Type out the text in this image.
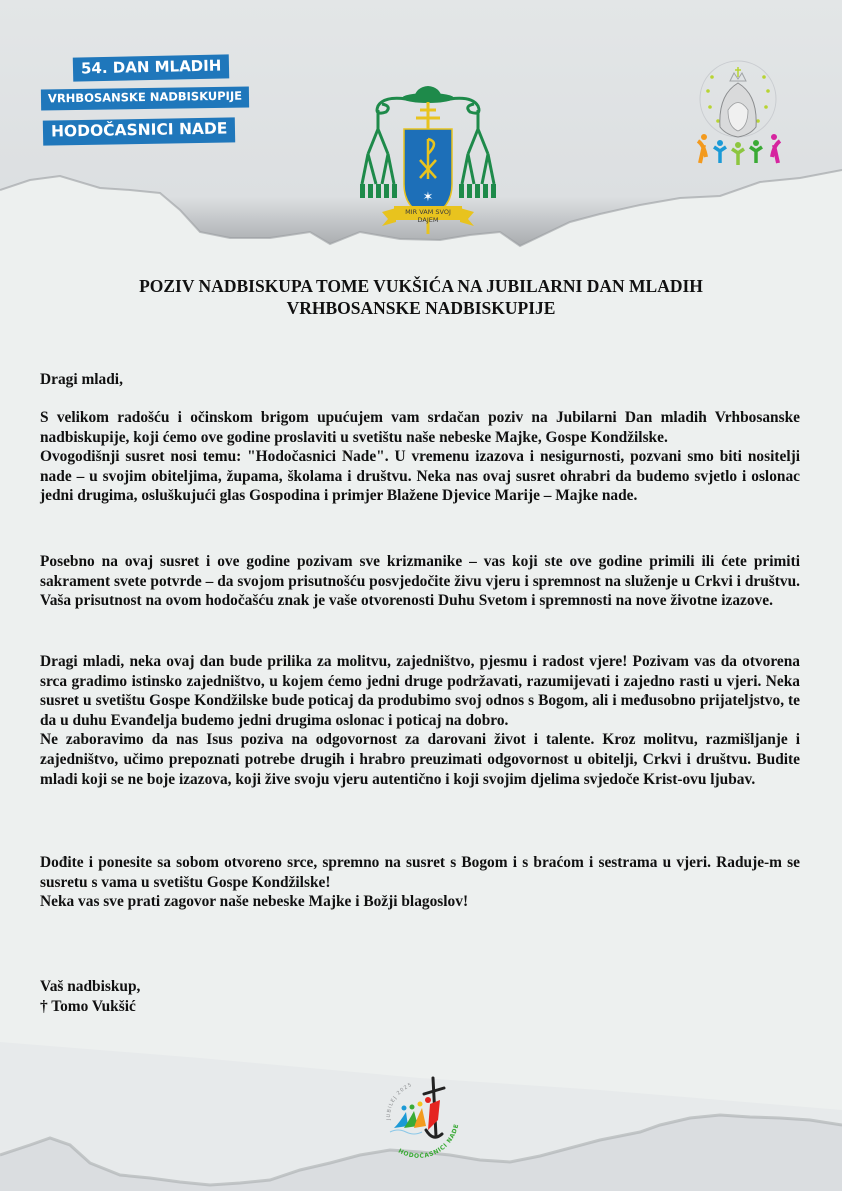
54. DAN MLADIH
VRHBOSANSKE NADBISKUPIJE
HODOČASNICI NADE
✶
MIR VAM SVOJ DAJEM
POZIV NADBISKUPA TOME VUKŠIĆA NA JUBILARNI DAN MLADIH
VRHBOSANSKE NADBISKUPIJE
Dragi mladi,

S velikom radošću i očinskom brigom upućujem vam srdačan poziv na Jubilarni Dan mladih Vrhbosanske nadbiskupije, koji ćemo ove godine proslaviti u svetištu naše nebeske Majke, Gospe Kondžilske.

Ovogodišnji susret nosi temu: "Hodočasnici Nade". U vremenu izazova i nesigurnosti, pozvani smo biti nositelji nade – u svojim obiteljima, župama, školama i društvu. Neka nas ovaj susret ohrabri da budemo svjetlo i oslonac jedni drugima, osluškujući glas Gospodina i primjer Blažene Djevice Marije – Majke nade.

Posebno na ovaj susret i ove godine pozivam sve krizmanike – vas koji ste ove godine primili ili ćete primiti sakrament svete potvrde – da svojom prisutnošću posvjedočite živu vjeru i spremnost na služenje u Crkvi i društvu. Vaša prisutnost na ovom hodočašću znak je vaše otvorenosti Duhu Svetom i spremnosti na nove životne izazove.

Dragi mladi, neka ovaj dan bude prilika za molitvu, zajedništvo, pjesmu i radost vjere! Pozivam vas da otvorena srca gradimo istinsko zajedništvo, u kojem ćemo jedni druge podržavati, razumijevati i zajedno rasti u vjeri. Neka susret u svetištu Gospe Kondžilske bude poticaj da produbimo svoj odnos s Bogom, ali i međusobno prijateljstvo, te da u duhu Evanđelja budemo jedni drugima oslonac i poticaj na dobro.

Ne zaboravimo da nas Isus poziva na odgovornost za darovani život i talente. Kroz molitvu, razmišljanje i zajedništvo, učimo prepoznati potrebe drugih i hrabro preuzimati odgovornost u obitelji, Crkvi i društvu. Budite mladi koji se ne boje izazova, koji žive svoju vjeru autentično i koji svojim djelima svjedoče Krist-ovu ljubav.

Dođite i ponesite sa sobom otvoreno srce, spremno na susret s Bogom i s braćom i sestrama u vjeri. Raduje-m se susretu s vama u svetištu Gospe Kondžilske!

Neka vas sve prati zagovor naše nebeske Majke i Božji blagoslov!

Vaš nadbiskup,
† Tomo Vukšić
JUBILEJ 2025
HODOČASNICI NADE
